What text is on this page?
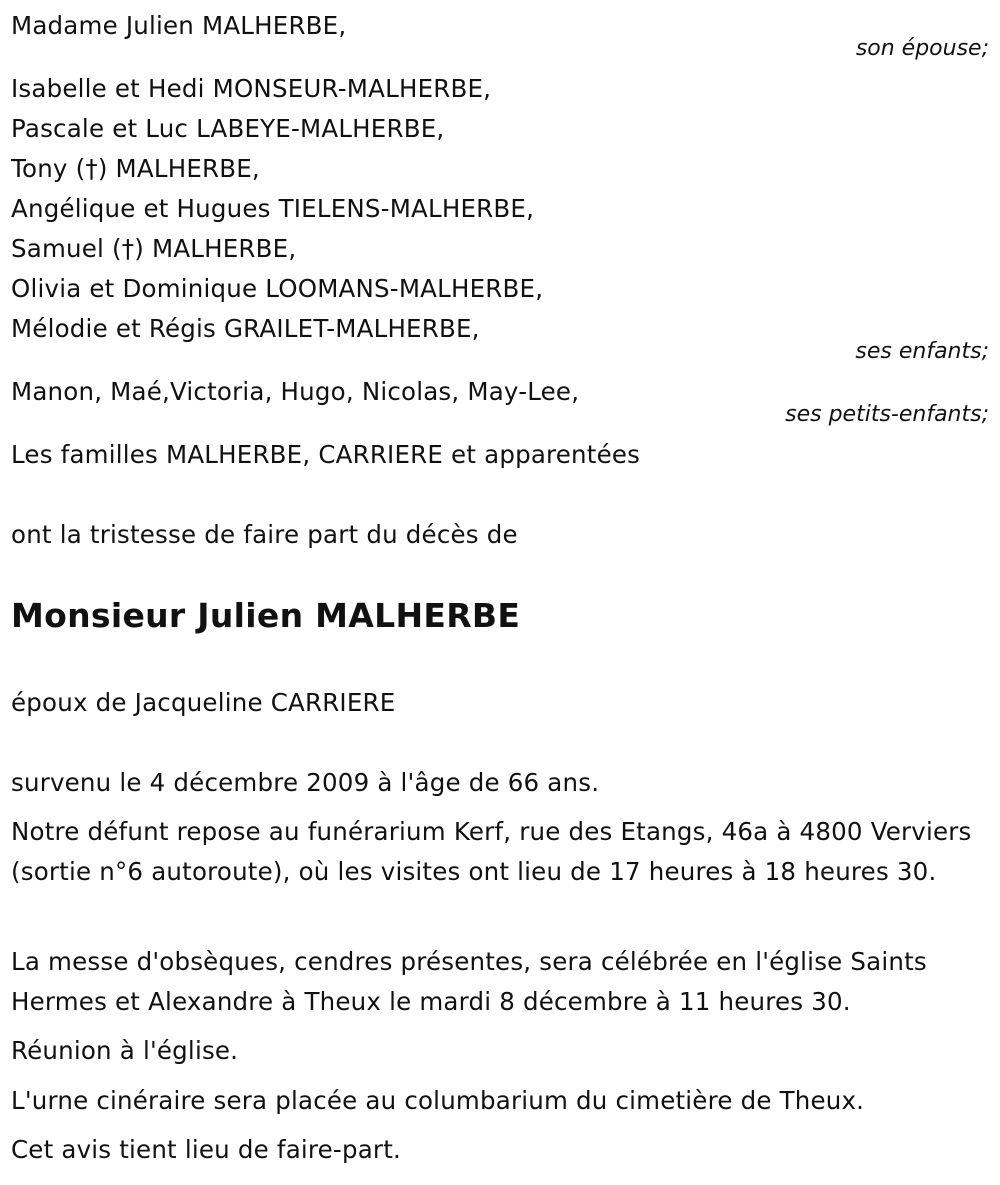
Madame Julien MALHERBE,
son épouse;
Isabelle et Hedi MONSEUR-MALHERBE,
Pascale et Luc LABEYE-MALHERBE,
Tony (†) MALHERBE,
Angélique et Hugues TIELENS-MALHERBE,
Samuel (†) MALHERBE,
Olivia et Dominique LOOMANS-MALHERBE,
Mélodie et Régis GRAILET-MALHERBE,
ses enfants;
Manon, Maé,Victoria, Hugo, Nicolas, May-Lee,
ses petits-enfants;
Les familles MALHERBE, CARRIERE et apparentées
ont la tristesse de faire part du décès de
Monsieur Julien MALHERBE
époux de Jacqueline CARRIERE
survenu le 4 décembre 2009 à l'âge de 66 ans.
Notre défunt repose au funérarium Kerf, rue des Etangs, 46a à 4800 Verviers (sortie n°6 autoroute), où les visites ont lieu de 17 heures à 18 heures 30.
La messe d'obsèques, cendres présentes, sera célébrée en l'église Saints Hermes et Alexandre à Theux le mardi 8 décembre à 11 heures 30.
Réunion à l'église.
L'urne cinéraire sera placée au columbarium du cimetière de Theux.
Cet avis tient lieu de faire-part.
